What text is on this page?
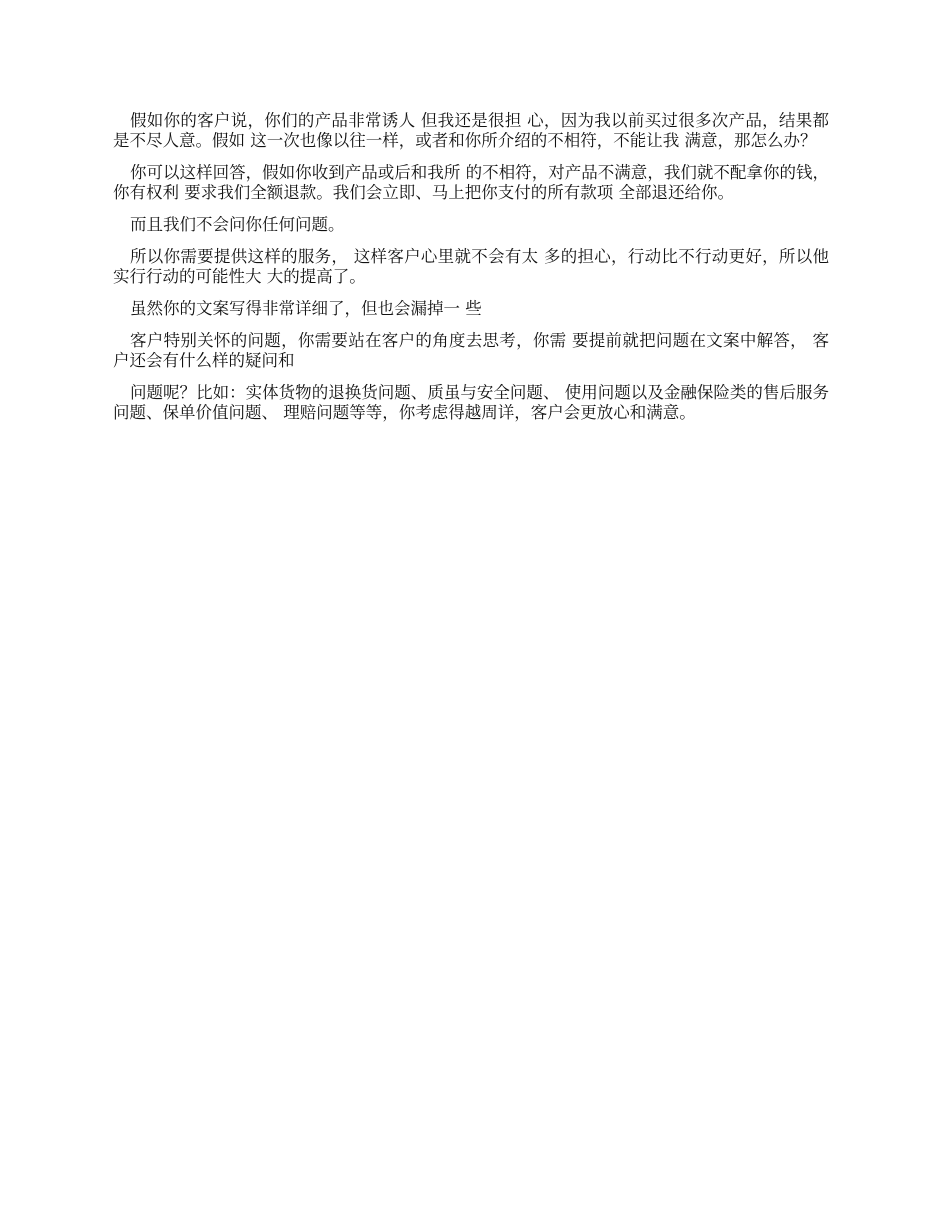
假如你的客户说，你们的产品非常诱人 但我还是很担 心，因为我以前买过很多次产品，结果都是不尽人意。假如 这一次也像以往一样，或者和你所介绍的不相符，不能让我 满意，那怎么办？

你可以这样回答，假如你收到产品或后和我所 的不相符，对产品不满意，我们就不配拿你的钱，你有权利 要求我们全额退款。我们会立即、马上把你支付的所有款项 全部退还给你。

而且我们不会问你任何问题。

所以你需要提供这样的服务， 这样客户心里就不会有太 多的担心，行动比不行动更好，所以他实行行动的可能性大 大的提高了。

虽然你的文案写得非常详细了，但也会漏掉一 些

客户特别关怀的问题，你需要站在客户的角度去思考，你需 要提前就把问题在文案中解答， 客户还会有什么样的疑问和

问题呢？比如：实体货物的退换货问题、质虽与安全问题、 使用问题以及金融保险类的售后服务问题、保单价值问题、 理赔问题等等，你考虑得越周详，客户会更放心和满意。
